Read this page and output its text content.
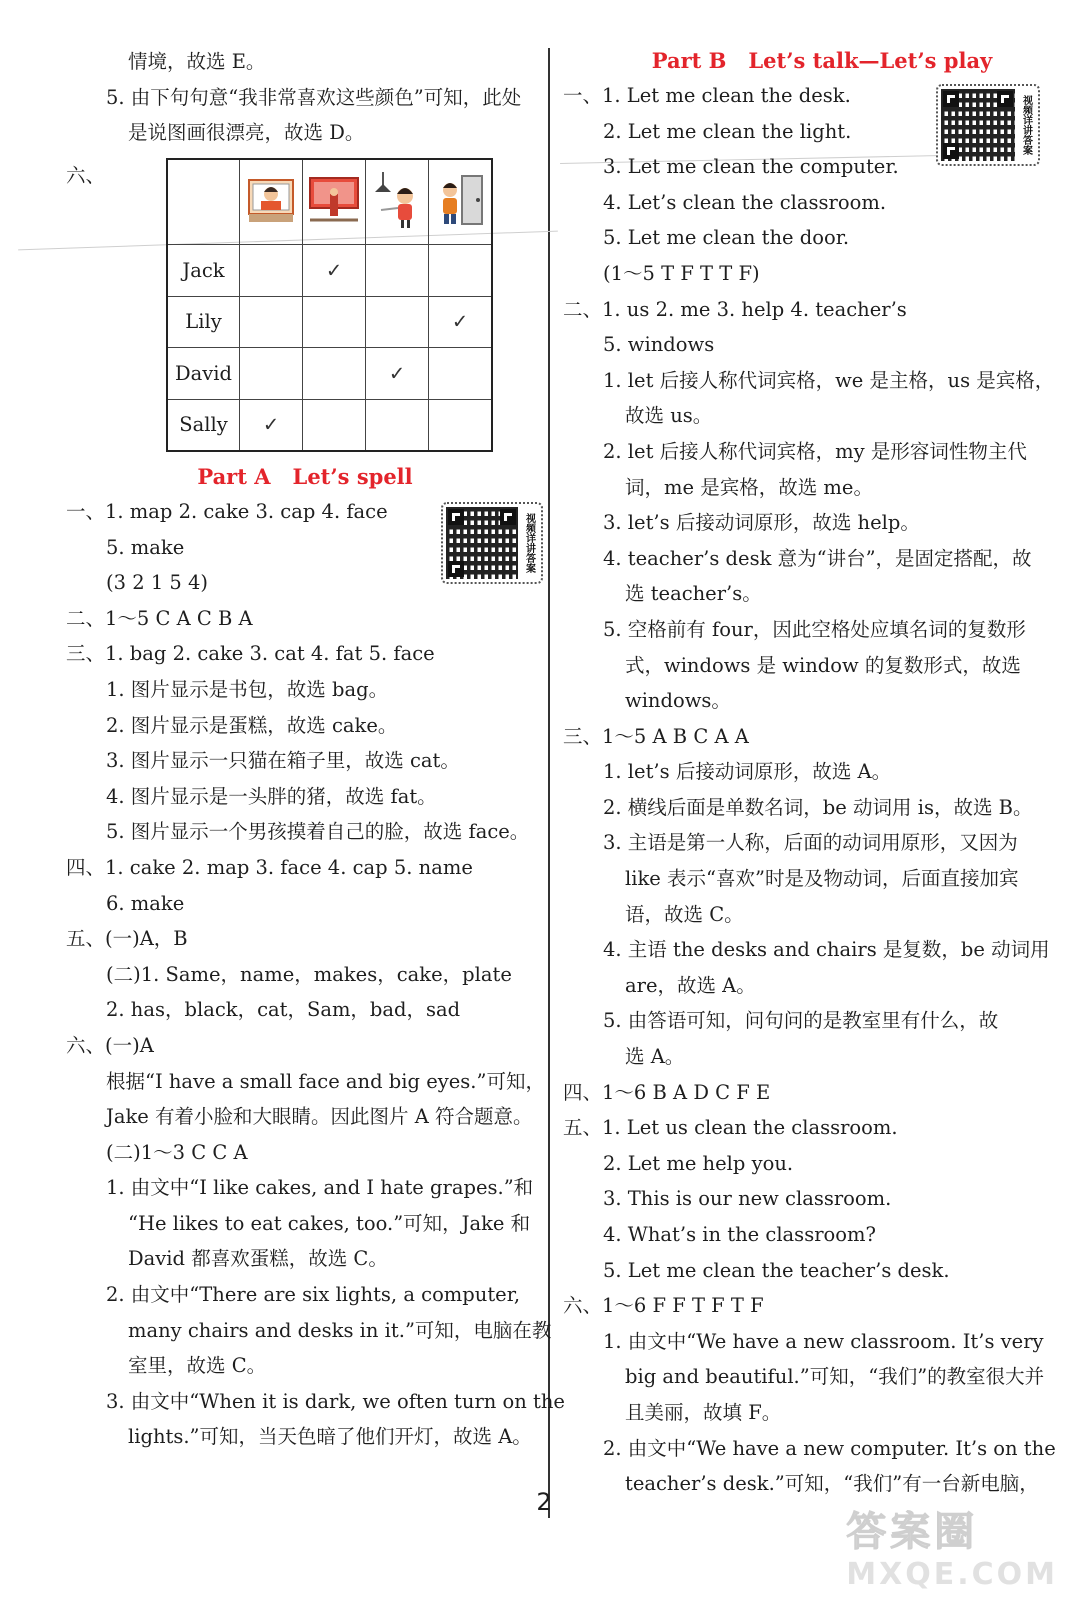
情境，故选 E。
5. 由下句句意“我非常喜欢这些颜色”可知，此处
是说图画很漂亮，故选 D。
六、

Jack		✓		
Lily				✓
David			✓	
Sally	✓			
Part A Let’s spell
一、1. map 2. cake 3. cap 4. face
5. make
(3 2 1 5 4)
二、1～5 C A C B A
三、1. bag 2. cake 3. cat 4. fat 5. face
1. 图片显示是书包，故选 bag。
2. 图片显示是蛋糕，故选 cake。
3. 图片显示一只猫在箱子里，故选 cat。
4. 图片显示是一头胖的猪，故选 fat。
5. 图片显示一个男孩摸着自己的脸，故选 face。
四、1. cake 2. map 3. face 4. cap 5. name
6. make
五、(一)A，B
(二)1. Same，name，makes，cake，plate
2. has，black，cat，Sam，bad，sad
六、(一)A
根据“I have a small face and big eyes.”可知，
Jake 有着小脸和大眼睛。因此图片 A 符合题意。
(二)1～3 C C A
1. 由文中“I like cakes, and I hate grapes.”和
“He likes to eat cakes, too.”可知，Jake 和
David 都喜欢蛋糕，故选 C。
2. 由文中“There are six lights, a computer,
many chairs and desks in it.”可知，电脑在教
室里，故选 C。
3. 由文中“When it is dark, we often turn on the
lights.”可知，当天色暗了他们开灯，故选 A。
视频详讲答案
Part B Let’s talk—Let’s play
一、1. Let me clean the desk.
2. Let me clean the light.
3. Let me clean the computer.
4. Let’s clean the classroom.
5. Let me clean the door.
(1～5 T F T T F)
二、1. us 2. me 3. help 4. teacher’s
5. windows
1. let 后接人称代词宾格，we 是主格，us 是宾格，
故选 us。
2. let 后接人称代词宾格，my 是形容词性物主代
词，me 是宾格，故选 me。
3. let’s 后接动词原形，故选 help。
4. teacher’s desk 意为“讲台”，是固定搭配，故
选 teacher’s。
5. 空格前有 four，因此空格处应填名词的复数形
式，windows 是 window 的复数形式，故选
windows。
三、1～5 A B C A A
1. let’s 后接动词原形，故选 A。
2. 横线后面是单数名词，be 动词用 is，故选 B。
3. 主语是第一人称，后面的动词用原形，又因为
like 表示“喜欢”时是及物动词，后面直接加宾
语，故选 C。
4. 主语 the desks and chairs 是复数，be 动词用
are，故选 A。
5. 由答语可知，问句问的是教室里有什么，故
选 A。
四、1～6 B A D C F E
五、1. Let us clean the classroom.
2. Let me help you.
3. This is our new classroom.
4. What’s in the classroom?
5. Let me clean the teacher’s desk.
六、1～6 F F T F T F
1. 由文中“We have a new classroom. It’s very
big and beautiful.”可知，“我们”的教室很大并
且美丽，故填 F。
2. 由文中“We have a new computer. It’s on the
teacher’s desk.”可知，“我们”有一台新电脑，
视频详讲答案
2
答案圈
MXQE.COM
